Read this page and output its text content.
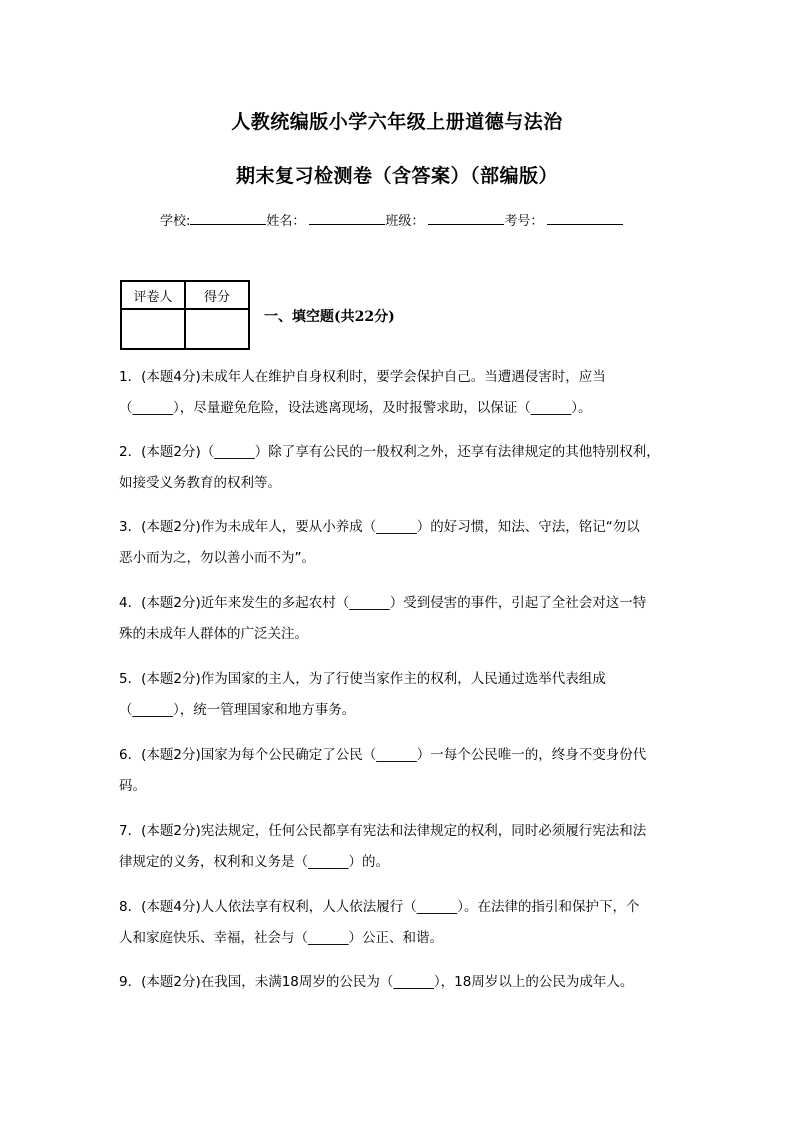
人教统编版小学六年级上册道德与法治
期末复习检测卷（含答案）（部编版）
学校:	姓名：	班级：	考号：
评卷人	得分

一、填空题(共22分)
1．(本题4分)未成年人在维护自身权利时，要学会保护自己。当遭遇侵害时，应当
（______），尽量避免危险，设法逃离现场，及时报警求助，以保证（______）。
2．(本题2分)（______）除了享有公民的一般权利之外，还享有法律规定的其他特别权利，
如接受义务教育的权利等。
3．(本题2分)作为未成年人，要从小养成（______）的好习惯，知法、守法，铭记“勿以
恶小而为之，勿以善小而不为”。
4．(本题2分)近年来发生的多起农村（______）受到侵害的事件，引起了全社会对这一特
殊的未成年人群体的广泛关注。
5．(本题2分)作为国家的主人，为了行使当家作主的权利，人民通过选举代表组成
（______），统一管理国家和地方事务。
6．(本题2分)国家为每个公民确定了公民（______）一每个公民唯一的，终身不变身份代
码。
7．(本题2分)宪法规定，任何公民都享有宪法和法律规定的权利，同时必须履行宪法和法
律规定的义务，权利和义务是（______）的。
8．(本题4分)人人依法享有权利，人人依法履行（______）。在法律的指引和保护下，个
人和家庭快乐、幸福，社会与（______）公正、和谐。
9．(本题2分)在我国，未满18周岁的公民为（______），18周岁以上的公民为成年人。
